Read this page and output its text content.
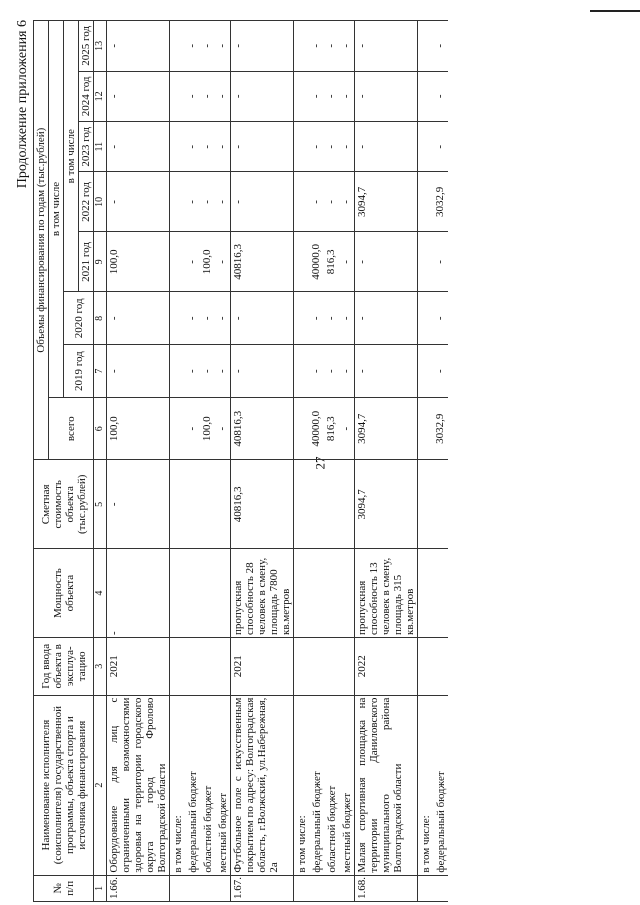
27
Продолжение приложения 6
№ п/п	Наименование исполнителя (соисполнителя) государственной программы, объекта спорта и источника финансирования	Год ввода объекта в эксплуа-тацию	Мощность объекта	Сметная стоимость объекта (тыс.рублей)	Объемы финансирования по годам (тыс.рублей)							
					всего	в том числе						
						2019 год	2020 год	в том числе				
								2021 год	2022 год	2023 год	2024 год	2025 год
1	2	3	4	5	6	7	8	9	10	11	12	13
1.66.	Оборудование для лиц с ограниченными возможностями здоровья на территории городского округа город Фролово Волгоградской области	2021	-	-	100,0	-	-	100,0	-	-	-	-
	в том числе:											
	федеральный бюджет				-	-	-	-	-	-	-	-
	областной бюджет				100,0	-	-	100,0	-	-	-	-
	местный бюджет				-	-	-	-	-	-	-	-
1.67.	Футбольное поле с искусственным покрытием по адресу: Волгоградская область, г.Волжский, ул.Набережная, 2а	2021	пропускная способность 28 человек в смену, площадь 7800 кв.метров	40816,3	40816,3	-	-	40816,3	-	-	-	-
	в том числе:											
	федеральный бюджет				40000,0	-	-	40000,0	-	-	-	-
	областной бюджет				816,3	-	-	816,3	-	-	-	-
	местный бюджет				-	-	-	-	-	-	-	-
1.68.	Малая спортивная площадка на территории Даниловского муниципального района Волгоградской области	2022	пропускная способность 13 человек в смену, площадь 315 кв.метров	3094,7	3094,7	-	-	-	3094,7	-	-	-
	в том числе:											
	федеральный бюджет				3032,9	-	-	-	3032,9	-	-	-
